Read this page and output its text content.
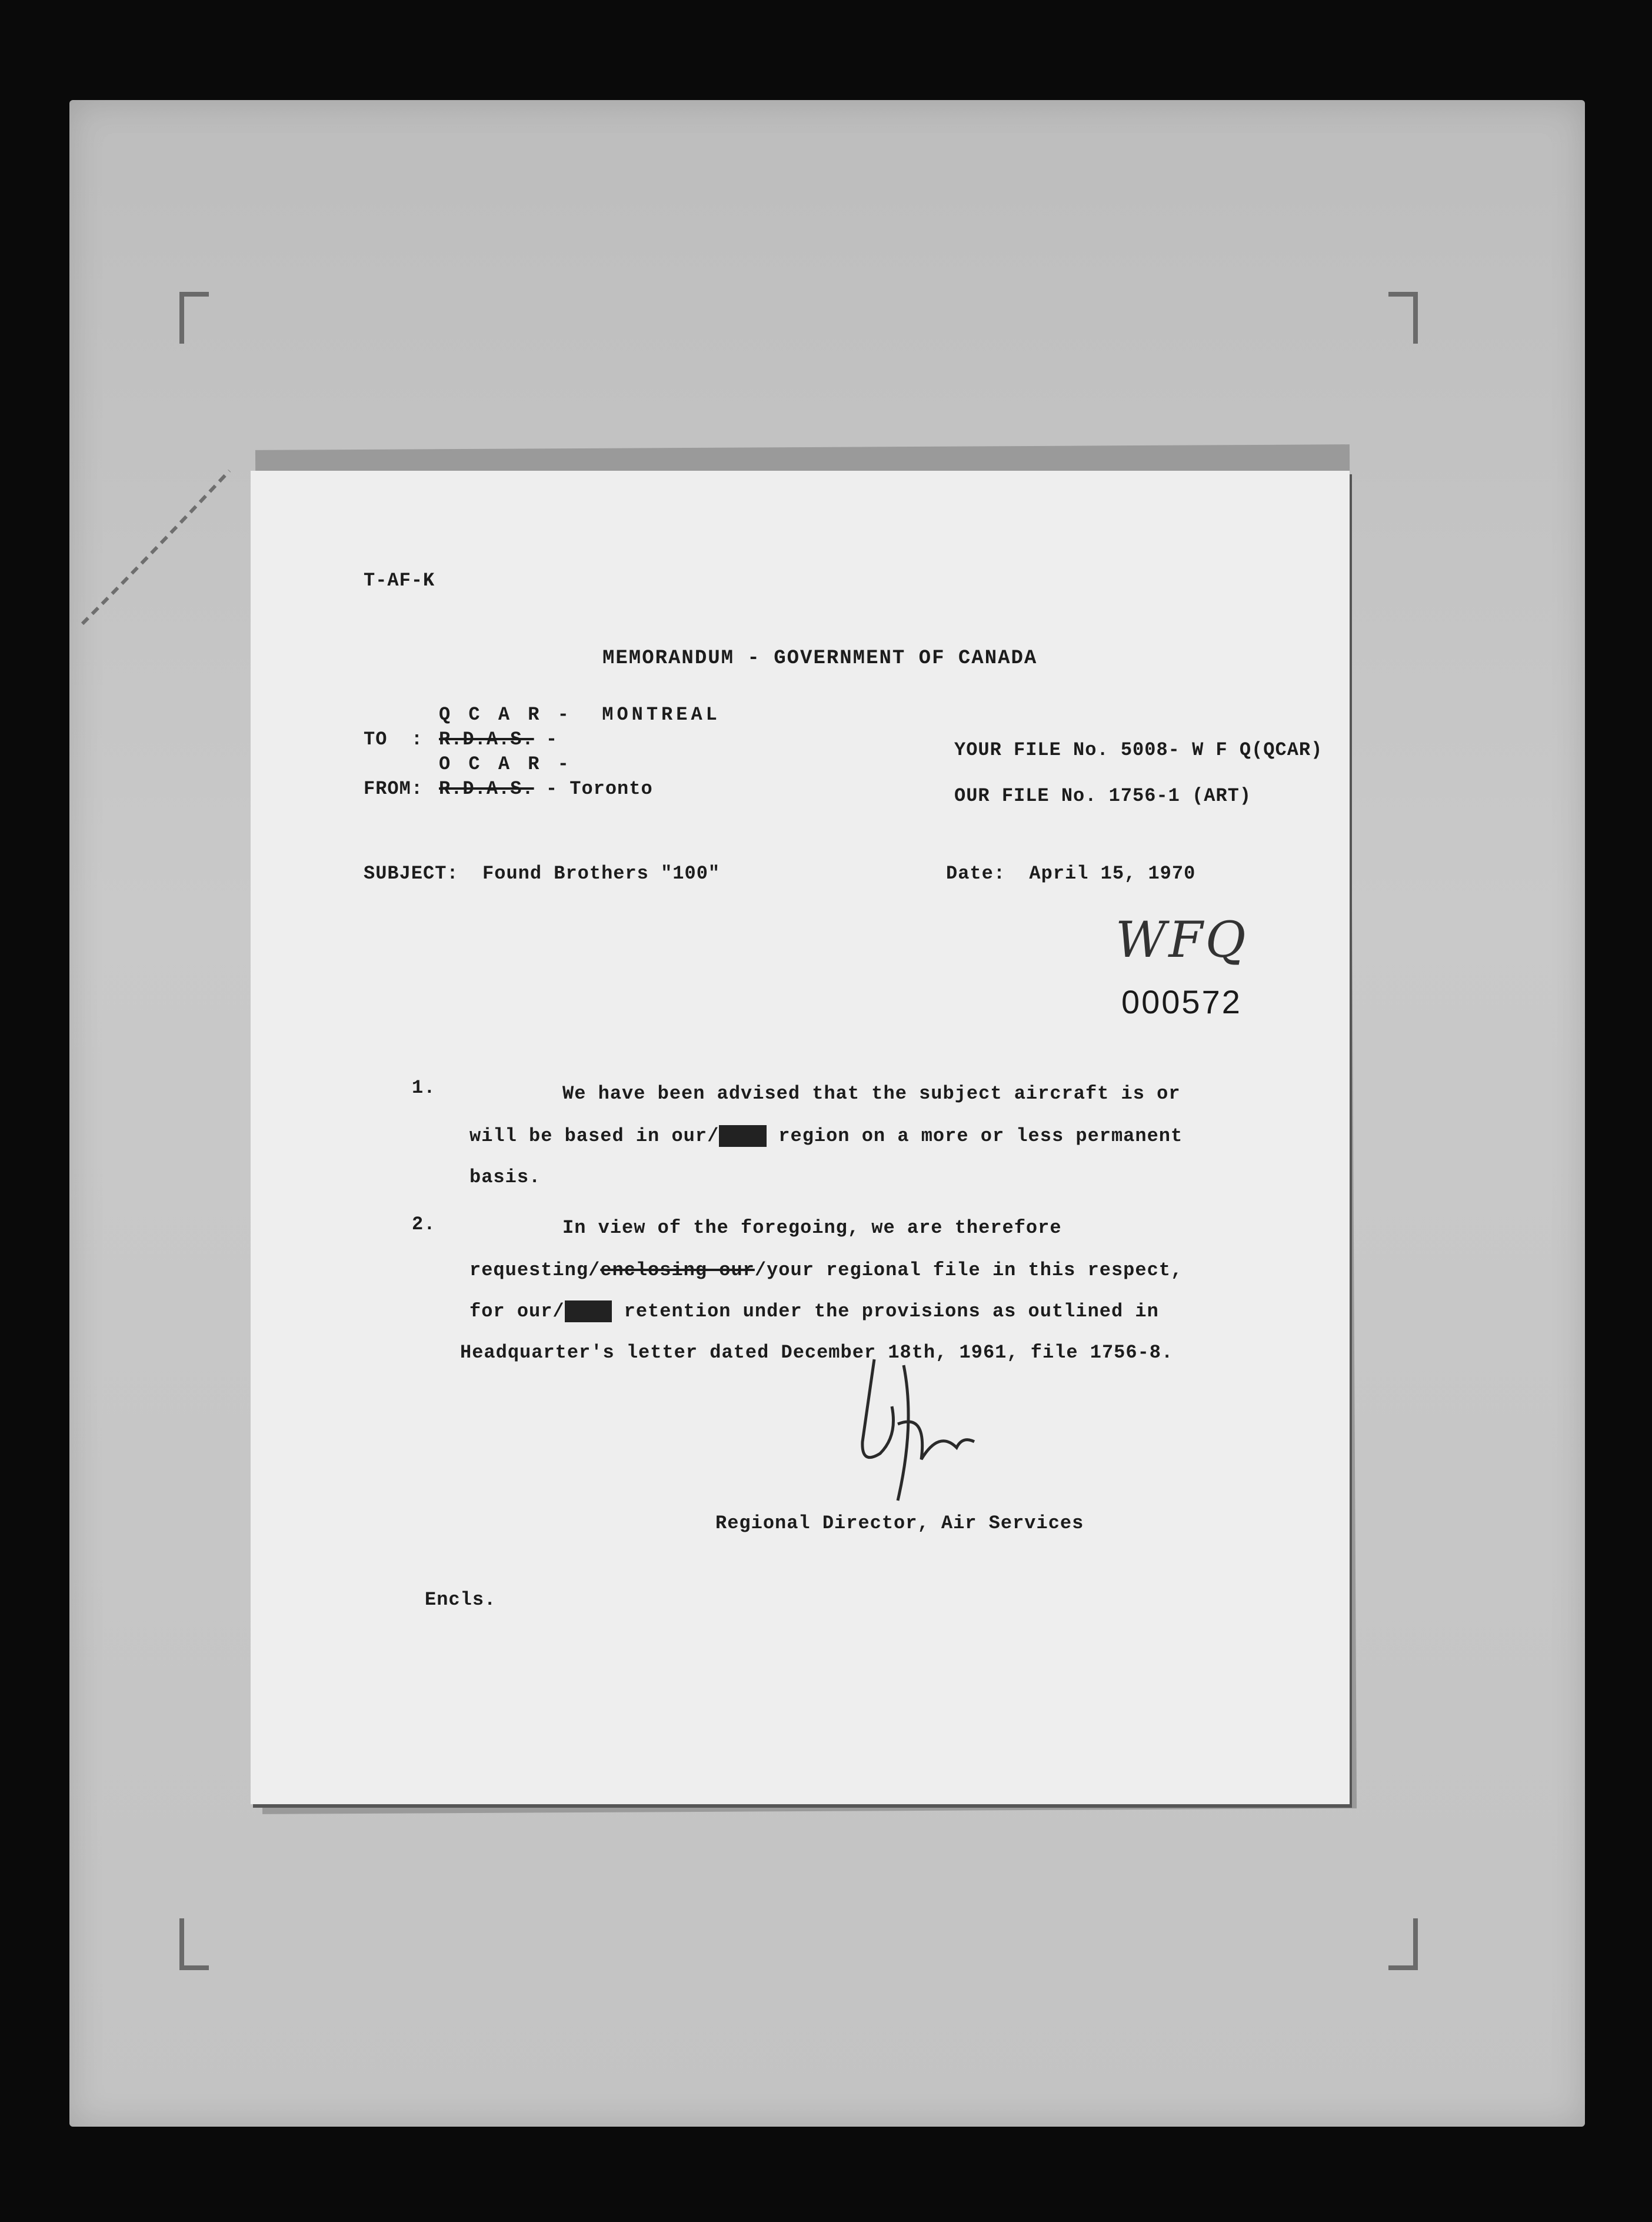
T-AF-K
MEMORANDUM - GOVERNMENT OF CANADA
Q C A R -  MONTREAL
TO  : R.D.A.S. -
O C A R -
FROM: R.D.A.S. - Toronto
YOUR FILE No. 5008- W F Q(QCAR)
OUR FILE No. 1756-1 (ART)
SUBJECT:  Found Brothers "100"	Date:  April 15, 1970
WFQ
000572
1.	We have been advised that the subject aircraft is or
will be based in our/	region on a more or less permanent
basis.
2.	In view of the foregoing, we are therefore
requesting/enclosing our/your regional file in this respect,
for our/	retention under the provisions as outlined in
Headquarter's letter dated December 18th, 1961, file 1756-8.
Regional Director, Air Services
Encls.
